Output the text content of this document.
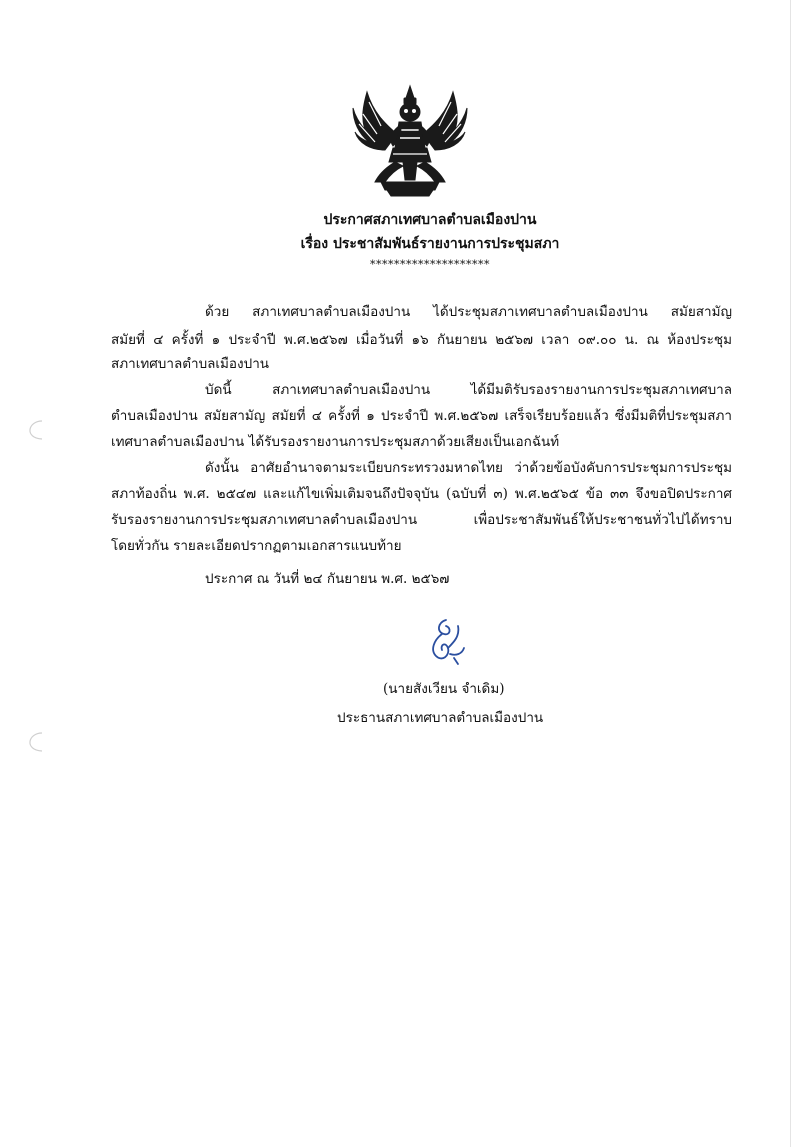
ประกาศสภาเทศบาลตำบลเมืองปาน
เรื่อง ประชาสัมพันธ์รายงานการประชุมสภา
********************
ด้วย สภาเทศบาลตำบลเมืองปาน ได้ประชุมสภาเทศบาลตำบลเมืองปาน สมัยสามัญ
สมัยที่ ๔ ครั้งที่ ๑ ประจำปี พ.ศ.๒๕๖๗ เมื่อวันที่ ๑๖ กันยายน ๒๕๖๗ เวลา ๐๙.๐๐ น. ณ ห้องประชุม
สภาเทศบาลตำบลเมืองปาน
บัดนี้ สภาเทศบาลตำบลเมืองปาน ได้มีมติรับรองรายงานการประชุมสภาเทศบาล
ตำบลเมืองปาน สมัยสามัญ สมัยที่ ๔ ครั้งที่ ๑ ประจำปี พ.ศ.๒๕๖๗ เสร็จเรียบร้อยแล้ว ซึ่งมีมติที่ประชุมสภา
เทศบาลตำบลเมืองปาน ได้รับรองรายงานการประชุมสภาด้วยเสียงเป็นเอกฉันท์
ดังนั้น อาศัยอำนาจตามระเบียบกระทรวงมหาดไทย ว่าด้วยข้อบังคับการประชุมการประชุม
สภาท้องถิ่น พ.ศ. ๒๕๔๗ และแก้ไขเพิ่มเติมจนถึงปัจจุบัน (ฉบับที่ ๓) พ.ศ.๒๕๖๕ ข้อ ๓๓ จึงขอปิดประกาศ
รับรองรายงานการประชุมสภาเทศบาลตำบลเมืองปาน เพื่อประชาสัมพันธ์ให้ประชาชนทั่วไปได้ทราบ
โดยทั่วกัน รายละเอียดปรากฏตามเอกสารแนบท้าย
ประกาศ ณ วันที่ ๒๔ กันยายน พ.ศ. ๒๕๖๗
(นายสังเวียน จำเดิม)
ประธานสภาเทศบาลตำบลเมืองปาน
